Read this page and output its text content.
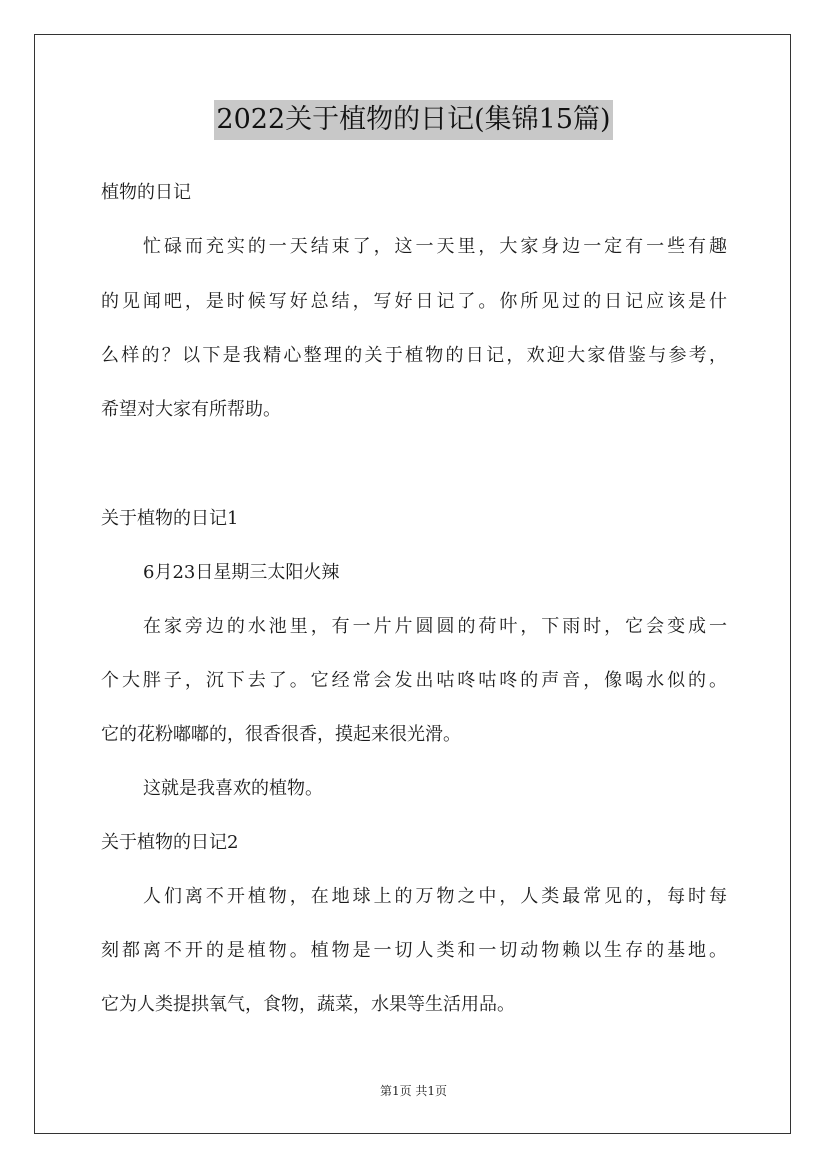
2022关于植物的日记(集锦15篇)
植物的日记
忙碌而充实的一天结束了，这一天里，大家身边一定有一些有趣
的见闻吧，是时候写好总结，写好日记了。你所见过的日记应该是什
么样的？以下是我精心整理的关于植物的日记，欢迎大家借鉴与参考，
希望对大家有所帮助。
关于植物的日记1
6月23日星期三太阳火辣
在家旁边的水池里，有一片片圆圆的荷叶，下雨时，它会变成一
个大胖子，沉下去了。它经常会发出咕咚咕咚的声音，像喝水似的。
它的花粉嘟嘟的，很香很香，摸起来很光滑。
这就是我喜欢的植物。
关于植物的日记2
人们离不开植物，在地球上的万物之中，人类最常见的，每时每
刻都离不开的是植物。植物是一切人类和一切动物赖以生存的基地。
它为人类提拱氧气，食物，蔬菜，水果等生活用品。
第1页 共1页
